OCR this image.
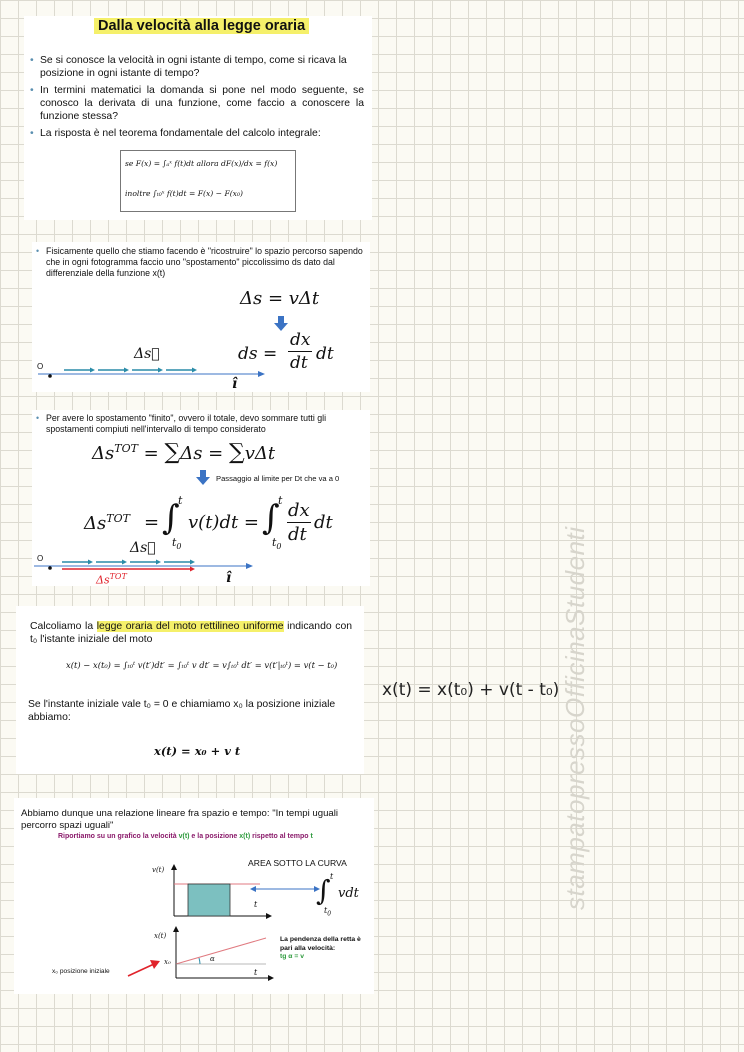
Dalla velocità alla legge oraria
• Se si conosce la velocità in ogni istante di tempo, come si ricava la posizione in ogni istante di tempo?
• In termini matematici la domanda si pone nel modo seguente, se conosco la derivata di una funzione, come faccio a conoscere la funzione stessa?
• La risposta è nel teorema fondamentale del calcolo integrale:
se F(x) = ∫ₐˣ f(t)dt allora dF(x)/dx = f(x)
inoltre ∫ₜ₀ˣ f(t)dt = F(x) − F(x₀)
• Fisicamente quello che stiamo facendo è "ricostruire" lo spazio percorso sapendo che in ogni fotogramma faccio uno "spostamento" piccolissimo ds dato dal differenziale della funzione x(t)
Δs = vΔt
ds =
dx
dt dt
O
Δs⃗
î
• Per avere lo spostamento "finito", ovvero il totale, devo sommare tutti gli spostamenti compiuti nell'intervallo di tempo considerato
$\Delta s^{TOT} = \sum\Delta s = \sum v\Delta t$
Passaggio al limite per Dt che va a 0
$\Delta s^{TOT}$ = ∫
t
$t_0$
v(t)dt = ∫
t
$t_0$
dx
dt
dt
O
Δs⃗
$\Delta s^{TOT}$	î
Calcoliamo la legge oraria del moto rettilineo uniforme indicando con t₀ l'istante iniziale del moto
x(t) − x(t₀) = ∫ₜ₀ᵗ v(t′)dt′ = ∫ₜ₀ᵗ v dt′ = v∫ₜ₀ᵗ dt′ = v(t′|ₜ₀ᵗ) = v(t − t₀)
Se l'instante iniziale vale t₀ = 0 e chiamiamo x₀ la posizione iniziale abbiamo:
x(t) = x₀ + v t
Abbiamo dunque una relazione lineare fra spazio e tempo: "In tempi uguali percorro spazi uguali"
Riportiamo su un grafico la velocità v(t) e la posizione x(t) rispetto al tempo t
v(t)
t
AREA SOTTO LA CURVA
∫ t
$t_0$
vdt
x(t)
x₀	α
t
La pendenza della retta è pari alla velocità:
tg α = v
x₀ posizione iniziale
x(t) = x(t₀) + v(t - t₀) stampatopressoOfficinaStudenti
